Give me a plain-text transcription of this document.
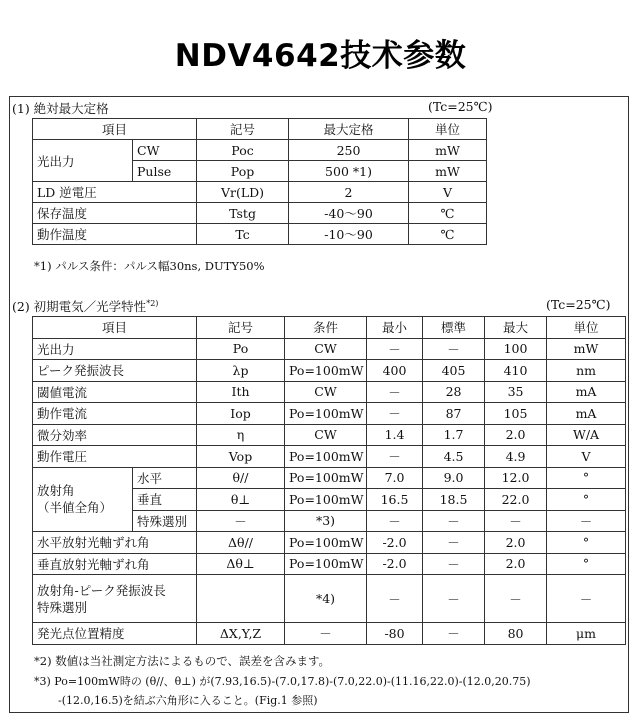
NDV4642技术参数
(1) 絶対最大定格	(Tc=25℃)
項目		記号	最大定格	単位
光出力	CW	Poc	250	mW
	Pulse	Pop	500 *1)	mW
LD 逆電圧		Vr(LD)	2	V
保存温度		Tstg	-40～90	℃
動作温度		Tc	-10～90	℃
*1) パルス条件：パルス幅30ns, DUTY50%
(2) 初期電気／光学特性$^{*2)}$	(Tc=25℃)
項目		記号	条件	最小	標準	最大	単位
光出力		Po	CW	－	－	100	mW
ピーク発振波長		λp	Po=100mW	400	405	410	nm
閾値電流		Ith	CW	－	28	35	mA
動作電流		Iop	Po=100mW	－	87	105	mA
微分効率		η	CW	1.4	1.7	2.0	W/A
動作電圧		Vop	Po=100mW	－	4.5	4.9	V
放射角
（半値全角）	水平	θ//	Po=100mW	7.0	9.0	12.0	°
	垂直	θ⊥	Po=100mW	16.5	18.5	22.0	°
	特殊選別	－	*3)	－	－	－	－
水平放射光軸ずれ角		Δθ//	Po=100mW	-2.0	－	2.0	°
垂直放射光軸ずれ角		Δθ⊥	Po=100mW	-2.0	－	2.0	°
放射角-ピーク発振波長
特殊選別			*4)	－	－	－	－
発光点位置精度		ΔX,Y,Z	－	-80	－	80	μm
*2) 数値は当社測定方法によるもので、誤差を含みます。
*3) Po=100mW時の (θ//、θ⊥) が(7.93,16.5)-(7.0,17.8)-(7.0,22.0)-(11.16,22.0)-(12.0,20.75)
-(12.0,16.5)を結ぶ六角形に入ること。(Fig.1 参照)
